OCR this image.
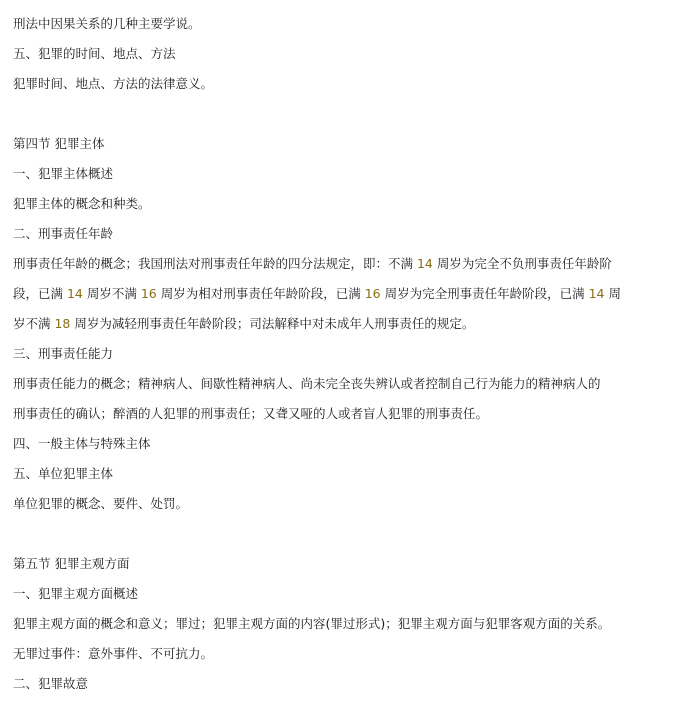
刑法中因果关系的几种主要学说。
五、犯罪的时间、地点、方法
犯罪时间、地点、方法的法律意义。
第四节 犯罪主体
一、犯罪主体概述
犯罪主体的概念和种类。
二、刑事责任年龄
刑事责任年龄的概念；我国刑法对刑事责任年龄的四分法规定，即：不满 14 周岁为完全不负刑事责任年龄阶
段，已满 14 周岁不满 16 周岁为相对刑事责任年龄阶段，已满 16 周岁为完全刑事责任年龄阶段，已满 14 周
岁不满 18 周岁为减轻刑事责任年龄阶段；司法解释中对未成年人刑事责任的规定。
三、刑事责任能力
刑事责任能力的概念；精神病人、间歇性精神病人、尚未完全丧失辨认或者控制自己行为能力的精神病人的
刑事责任的确认；醉酒的人犯罪的刑事责任；又聋又哑的人或者盲人犯罪的刑事责任。
四、一般主体与特殊主体
五、单位犯罪主体
单位犯罪的概念、要件、处罚。
第五节 犯罪主观方面
一、犯罪主观方面概述
犯罪主观方面的概念和意义；罪过；犯罪主观方面的内容(罪过形式)；犯罪主观方面与犯罪客观方面的关系。
无罪过事件：意外事件、不可抗力。
二、犯罪故意
